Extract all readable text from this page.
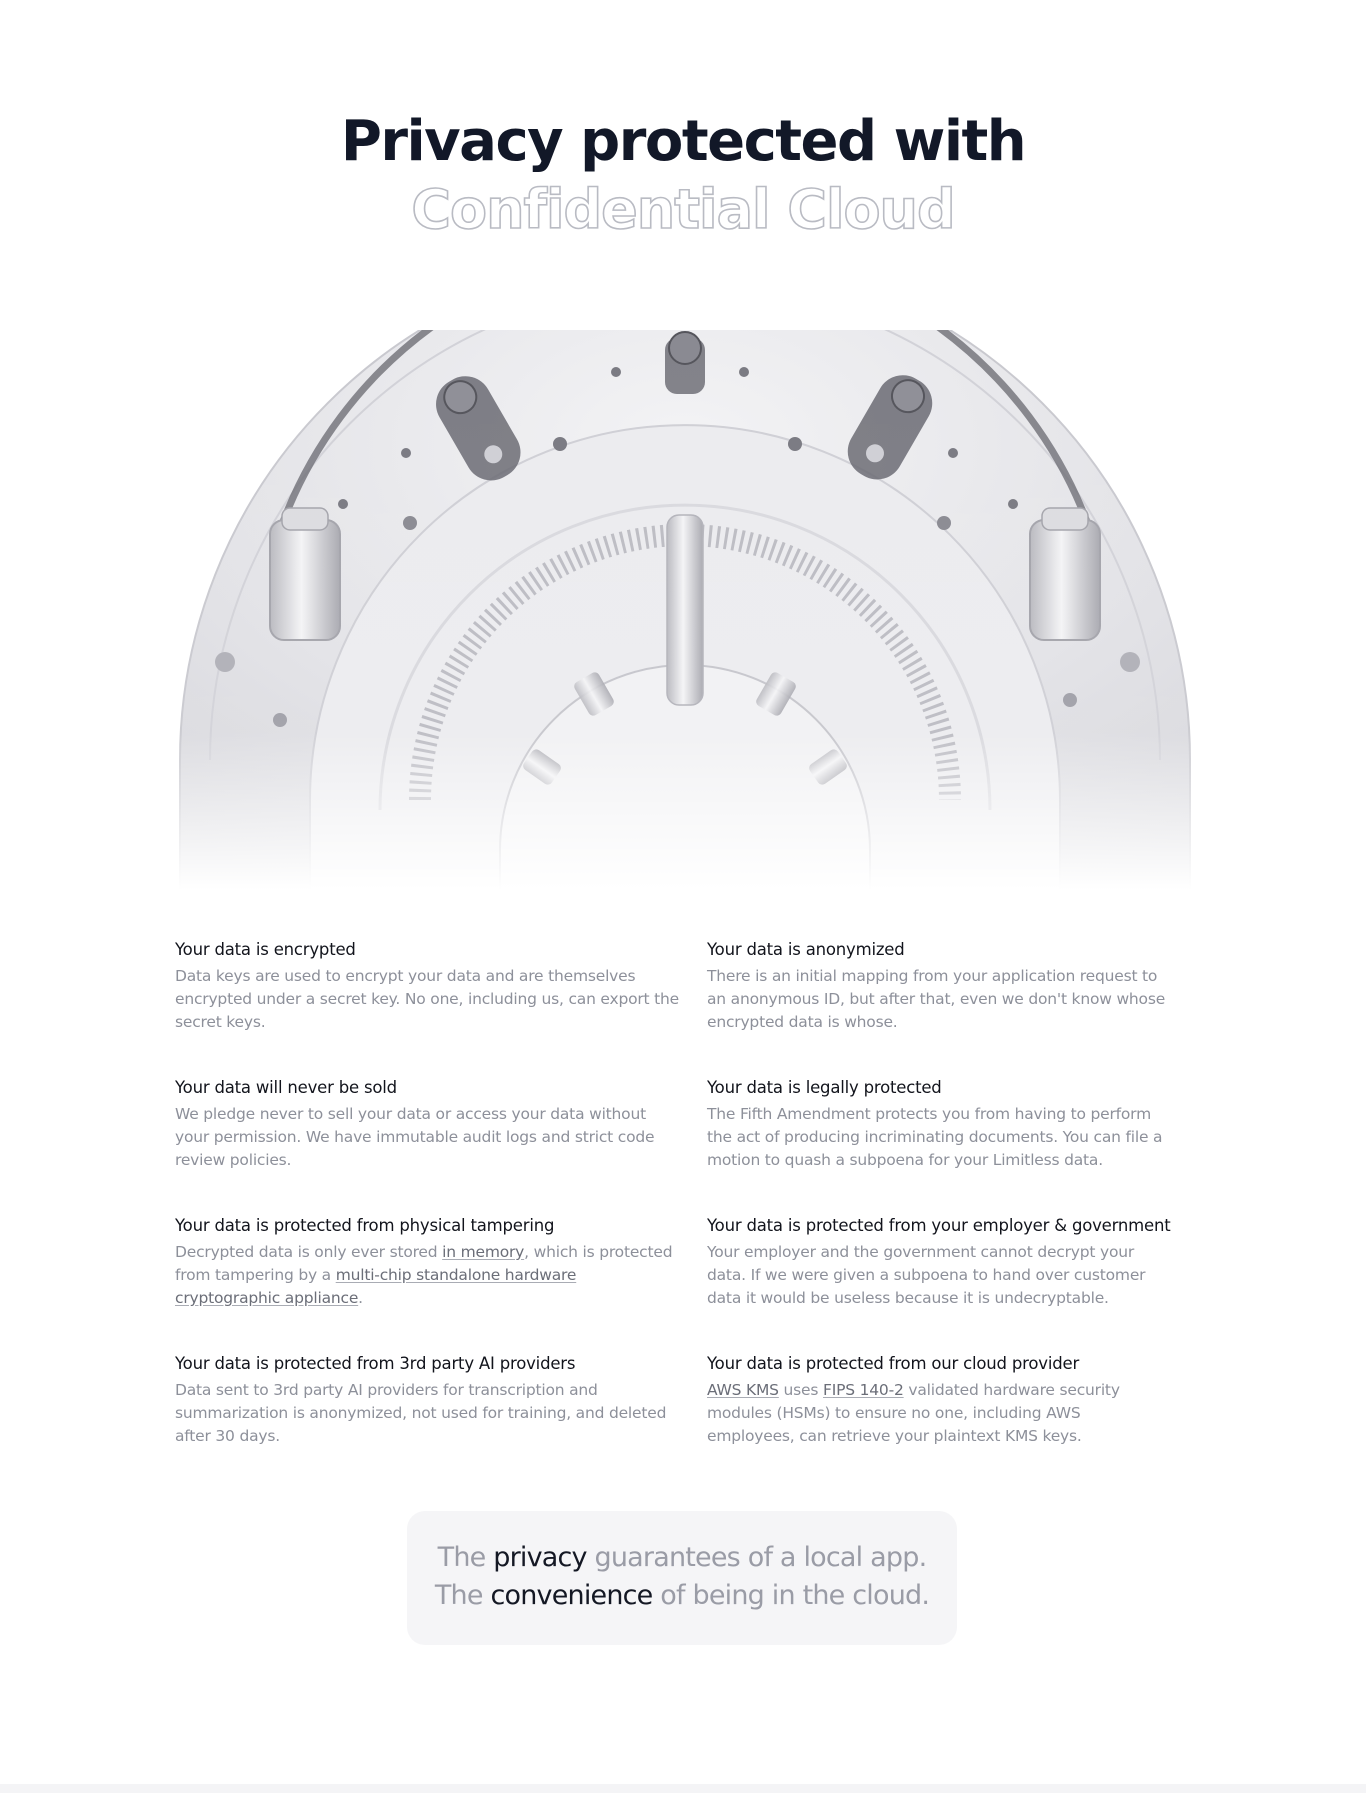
Privacy protected with
Confidential Cloud
Your data is encrypted

Data keys are used to encrypt your data and are themselves encrypted under a secret key. No one, including us, can export the secret keys.

Your data is anonymized

There is an initial mapping from your application request to an anonymous ID, but after that, even we don't know whose encrypted data is whose.

Your data will never be sold

We pledge never to sell your data or access your data without your permission. We have immutable audit logs and strict code review policies.

Your data is legally protected

The Fifth Amendment protects you from having to perform the act of producing incriminating documents. You can file a motion to quash a subpoena for your Limitless data.

Your data is protected from physical tampering

Decrypted data is only ever stored in memory, which is protected from tampering by a multi-chip standalone hardware cryptographic appliance.

Your data is protected from your employer & government

Your employer and the government cannot decrypt your data. If we were given a subpoena to hand over customer data it would be useless because it is undecryptable.

Your data is protected from 3rd party AI providers

Data sent to 3rd party AI providers for transcription and summarization is anonymized, not used for training, and deleted after 30 days.

Your data is protected from our cloud provider

AWS KMS uses FIPS 140-2 validated hardware security modules (HSMs) to ensure no one, including AWS employees, can retrieve your plaintext KMS keys.

The privacy guarantees of a local app.
The convenience of being in the cloud.
